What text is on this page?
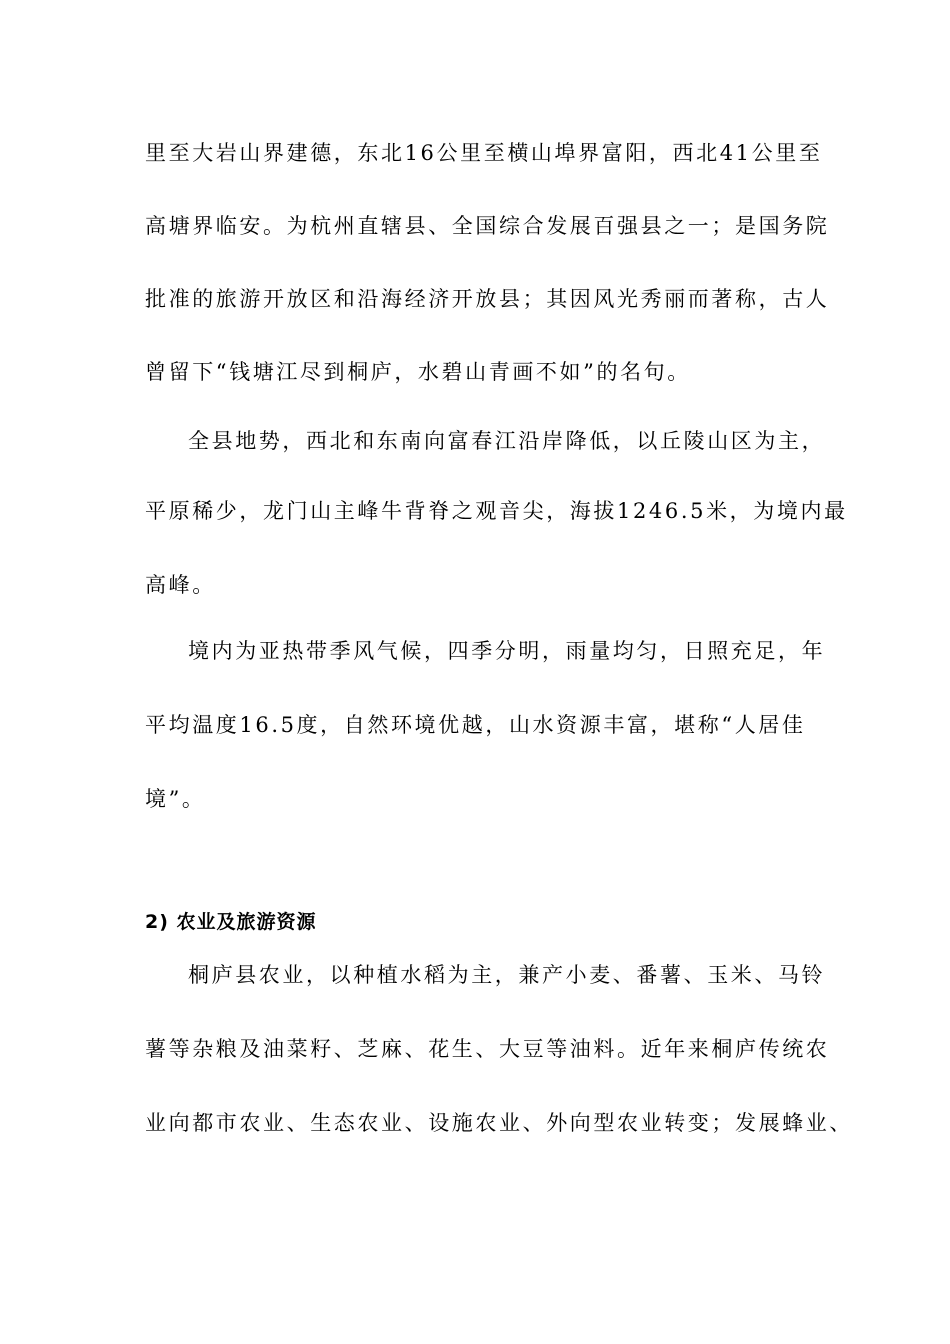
里至大岩山界建德，东北16公里至横山埠界富阳，西北41公里至
高塘界临安。为杭州直辖县、全国综合发展百强县之一；是国务院
批准的旅游开放区和沿海经济开放县；其因风光秀丽而著称，古人
曾留下“钱塘江尽到桐庐，水碧山青画不如”的名句。
全县地势，西北和东南向富春江沿岸降低，以丘陵山区为主，
平原稀少，龙门山主峰牛背脊之观音尖，海拔1246.5米，为境内最
高峰。
境内为亚热带季风气候，四季分明，雨量均匀，日照充足，年
平均温度16.5度，自然环境优越，山水资源丰富，堪称“人居佳
境”。
2) 农业及旅游资源
桐庐县农业，以种植水稻为主，兼产小麦、番薯、玉米、马铃
薯等杂粮及油菜籽、芝麻、花生、大豆等油料。近年来桐庐传统农
业向都市农业、生态农业、设施农业、外向型农业转变；发展蜂业、
